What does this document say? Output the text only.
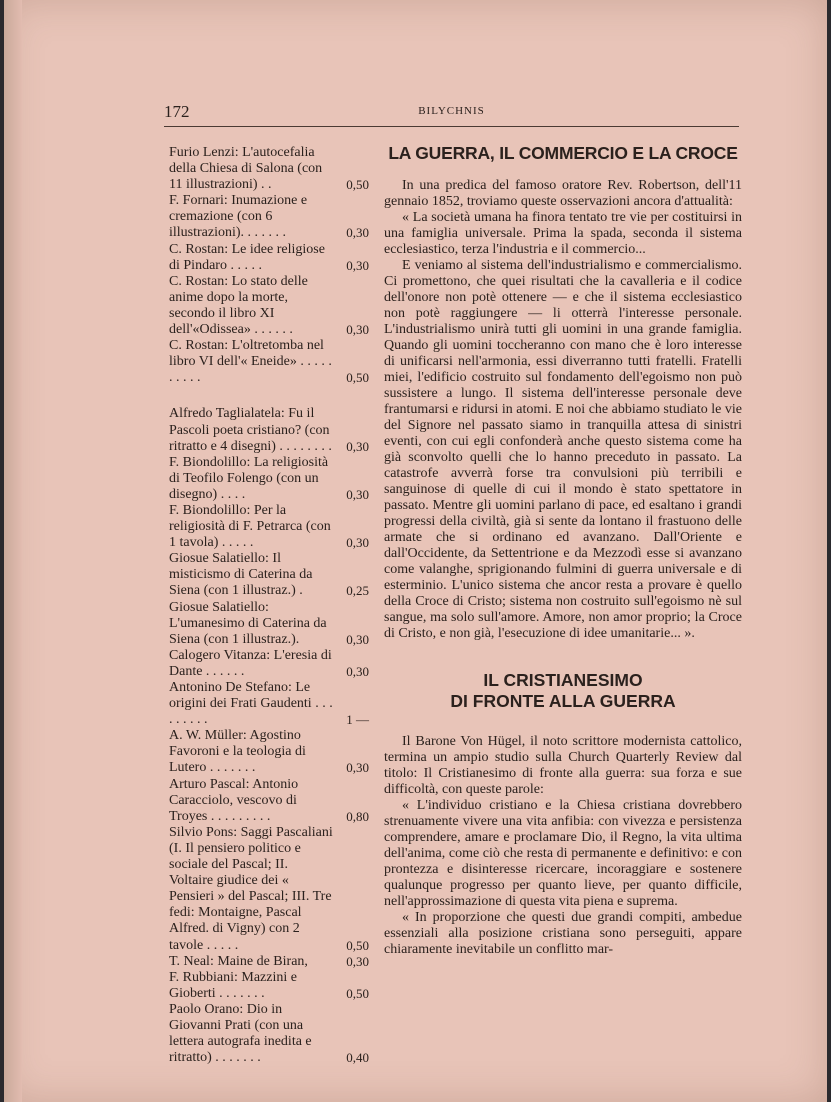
172	BILYCHNIS
Furio Lenzi: L'autocefalia della Chiesa di Salona (con 11 illustrazioni) . .	0,50
F. Fornari: Inumazione e cremazione (con 6 illustrazioni). . . . . . .	0,30
C. Rostan: Le idee religiose di Pindaro . . . . .	0,30
C. Rostan: Lo stato delle anime dopo la morte, secondo il libro XI dell'«Odissea» . . . . . .	0,30
C. Rostan: L'oltretomba nel libro VI dell'« Eneide» . . . . . . . . . .	0,50
Alfredo Taglialatela: Fu il Pascoli poeta cristiano? (con ritratto e 4 disegni) . . . . . . . . 0,30
F. Biondolillo: La religiosità di Teofilo Folengo (con un disegno) . . . .	0,30
F. Biondolillo: Per la religiosità di F. Petrarca (con 1 tavola) . . . . .	0,30
Giosue Salatiello: Il misticismo di Caterina da Siena (con 1 illustraz.) .	0,25
Giosue Salatiello: L'umanesimo di Caterina da Siena (con 1 illustraz.).	0,30
Calogero Vitanza: L'eresia di Dante . . . . . .	0,30
Antonino De Stefano: Le origini dei Frati Gaudenti . . . . . . . . .	1 —
A. W. Müller: Agostino Favoroni e la teologia di Lutero . . . . . . .	0,30
Arturo Pascal: Antonio Caracciolo, vescovo di Troyes . . . . . . . . .	0,80
Silvio Pons: Saggi Pascaliani (I. Il pensiero politico e sociale del Pascal; II. Voltaire giudice dei « Pensieri » del Pascal; III. Tre fedi: Montaigne, Pascal Alfred. di Vigny) con 2 tavole . . . . .	0,50
T. Neal: Maine de Biran,	0,30
F. Rubbiani: Mazzini e Gioberti . . . . . . .	0,50
Paolo Orano: Dio in Giovanni Prati (con una lettera autografa inedita e ritratto) . . . . . . .	0,40
LA GUERRA, IL COMMERCIO E LA CROCE

In una predica del famoso oratore Rev. Robertson, dell'11 gennaio 1852, troviamo queste osservazioni ancora d'attualità:

« La società umana ha finora tentato tre vie per costituirsi in una famiglia universale. Prima la spada, seconda il sistema ecclesiastico, terza l'industria e il commercio...

E veniamo al sistema dell'industrialismo e commercialismo. Ci promettono, che quei risultati che la cavalleria e il codice dell'onore non potè ottenere — e che il sistema ecclesiastico non potè raggiungere — li otterrà l'interesse personale. L'industrialismo unirà tutti gli uomini in una grande famiglia. Quando gli uomini toccheranno con mano che è loro interesse di unificarsi nell'armonia, essi diverranno tutti fratelli. Fratelli miei, l'edificio costruito sul fondamento dell'egoismo non può sussistere a lungo. Il sistema dell'interesse personale deve frantumarsi e ridursi in atomi. E noi che abbiamo studiato le vie del Signore nel passato siamo in tranquilla attesa di sinistri eventi, con cui egli confonderà anche questo sistema come ha già sconvolto quelli che lo hanno preceduto in passato. La catastrofe avverrà forse tra convulsioni più terribili e sanguinose di quelle di cui il mondo è stato spettatore in passato. Mentre gli uomini parlano di pace, ed esaltano i grandi progressi della civiltà, già si sente da lontano il frastuono delle armate che si ordinano ed avanzano. Dall'Oriente e dall'Occidente, da Settentrione e da Mezzodì esse si avanzano come valanghe, sprigionando fulmini di guerra universale e di esterminio. L'unico sistema che ancor resta a provare è quello della Croce di Cristo; sistema non costruito sull'egoismo nè sul sangue, ma solo sull'amore. Amore, non amor proprio; la Croce di Cristo, e non già, l'esecuzione di idee umanitarie... ».

IL CRISTIANESIMO
DI FRONTE ALLA GUERRA

Il Barone Von Hügel, il noto scrittore modernista cattolico, termina un ampio studio sulla Church Quarterly Review dal titolo: Il Cristianesimo di fronte alla guerra: sua forza e sue difficoltà, con queste parole:

« L'individuo cristiano e la Chiesa cristiana dovrebbero strenuamente vivere una vita anfibia: con vivezza e persistenza comprendere, amare e proclamare Dio, il Regno, la vita ultima dell'anima, come ciò che resta di permanente e definitivo: e con prontezza e disinteresse ricercare, incoraggiare e sostenere qualunque progresso per quanto lieve, per quanto difficile, nell'approssimazione di questa vita piena e suprema.

« In proporzione che questi due grandi compiti, ambedue essenziali alla posizione cristiana sono perseguiti, appare chiaramente inevitabile un conflitto mar-
